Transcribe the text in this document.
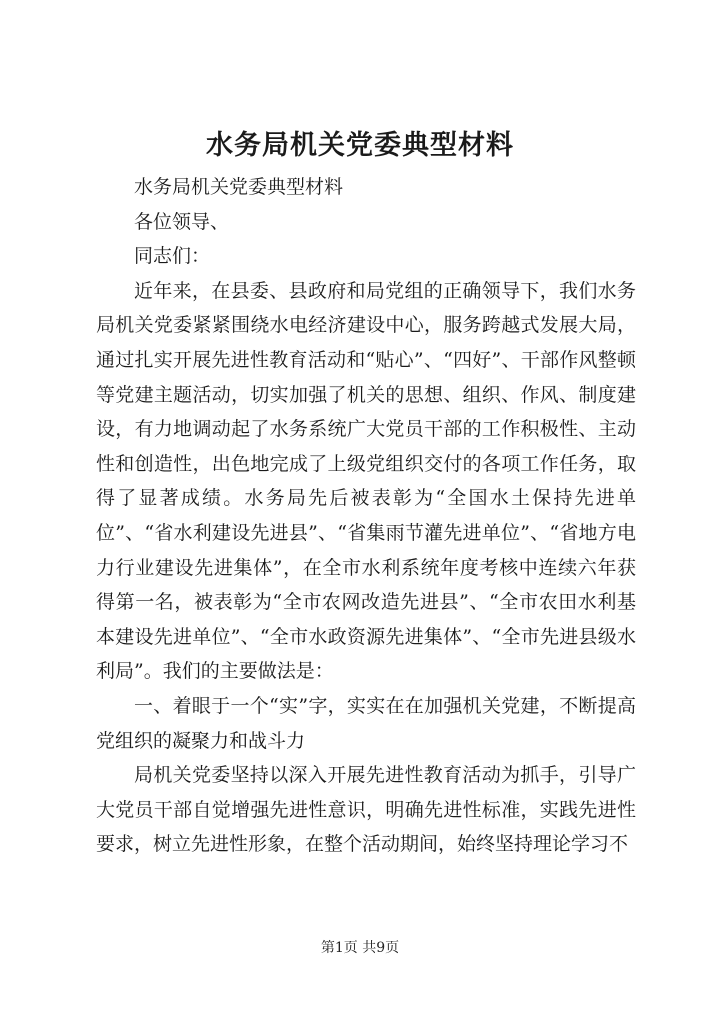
水务局机关党委典型材料

水务局机关党委典型材料

各位领导、

同志们：

近年来，在县委、县政府和局党组的正确领导下，我们水务局机关党委紧紧围绕水电经济建设中心，服务跨越式发展大局，通过扎实开展先进性教育活动和“贴心”、“四好”、干部作风整顿等党建主题活动，切实加强了机关的思想、组织、作风、制度建设，有力地调动起了水务系统广大党员干部的工作积极性、主动性和创造性，出色地完成了上级党组织交付的各项工作任务，取得了显著成绩。水务局先后被表彰为“全国水土保持先进单位”、“省水利建设先进县”、“省集雨节灌先进单位”、“省地方电力行业建设先进集体”，在全市水利系统年度考核中连续六年获得第一名，被表彰为“全市农网改造先进县”、“全市农田水利基本建设先进单位”、“全市水政资源先进集体”、“全市先进县级水利局”。我们的主要做法是：

一、着眼于一个“实”字，实实在在加强机关党建，不断提高党组织的凝聚力和战斗力

局机关党委坚持以深入开展先进性教育活动为抓手，引导广大党员干部自觉增强先进性意识，明确先进性标准，实践先进性要求，树立先进性形象，在整个活动期间，始终坚持理论学习不

第1页 共9页
